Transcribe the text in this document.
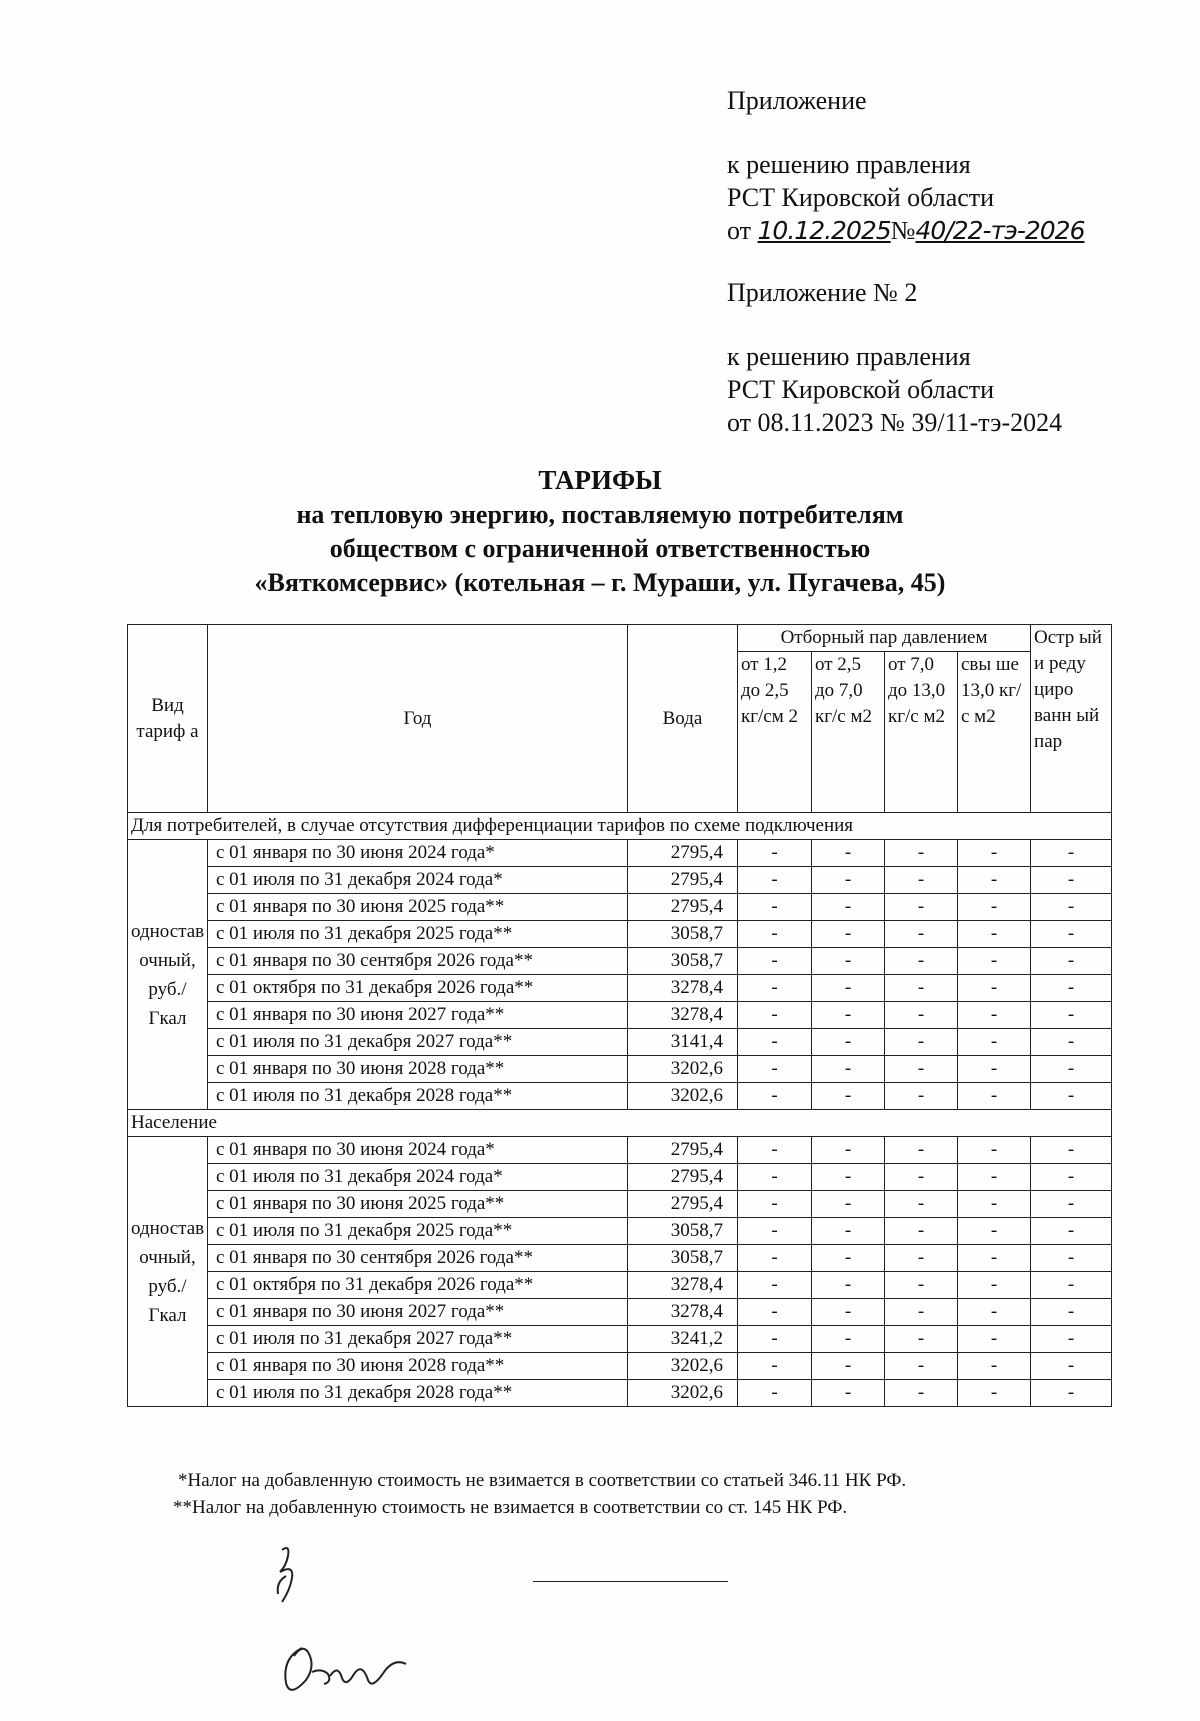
Приложение
к решению правления
РСТ Кировской области
от 10.12.2025№40/22-тэ-2026
Приложение № 2
к решению правления
РСТ Кировской области
от 08.11.2023 № 39/11-тэ-2024
ТАРИФЫ
на тепловую энергию, поставляемую потребителям
обществом с ограниченной ответственностью
«Вяткомсервис» (котельная – г. Мураши, ул. Пугачева, 45)
Вид тариф а	Год	Вода	Отборный пар давлением				Остр ый и реду циро ванн ый пар
			от 1,2 до 2,5 кг/см 2	от 2,5 до 7,0 кг/с м2	от 7,0 до 13,0 кг/с м2	свы ше 13,0 кг/с м2	
Для потребителей, в случае отсутствия дифференциации тарифов по схеме подключения							
одностав очный, руб./ Гкал	с 01 января по 30 июня 2024 года*	2795,4	-	-	-	-	-
	с 01 июля по 31 декабря 2024 года*	2795,4	-	-	-	-	-
	с 01 января по 30 июня 2025 года**	2795,4	-	-	-	-	-
	с 01 июля по 31 декабря 2025 года**	3058,7	-	-	-	-	-
	с 01 января по 30 сентября 2026 года**	3058,7	-	-	-	-	-
	с 01 октября по 31 декабря 2026 года**	3278,4	-	-	-	-	-
	с 01 января по 30 июня 2027 года**	3278,4	-	-	-	-	-
	с 01 июля по 31 декабря 2027 года**	3141,4	-	-	-	-	-
	с 01 января по 30 июня 2028 года**	3202,6	-	-	-	-	-
	с 01 июля по 31 декабря 2028 года**	3202,6	-	-	-	-	-
Население							
одностав очный, руб./ Гкал	с 01 января по 30 июня 2024 года*	2795,4	-	-	-	-	-
	с 01 июля по 31 декабря 2024 года*	2795,4	-	-	-	-	-
	с 01 января по 30 июня 2025 года**	2795,4	-	-	-	-	-
	с 01 июля по 31 декабря 2025 года**	3058,7	-	-	-	-	-
	с 01 января по 30 сентября 2026 года**	3058,7	-	-	-	-	-
	с 01 октября по 31 декабря 2026 года**	3278,4	-	-	-	-	-
	с 01 января по 30 июня 2027 года**	3278,4	-	-	-	-	-
	с 01 июля по 31 декабря 2027 года**	3241,2	-	-	-	-	-
	с 01 января по 30 июня 2028 года**	3202,6	-	-	-	-	-
	с 01 июля по 31 декабря 2028 года**	3202,6	-	-	-	-	-
*Налог на добавленную стоимость не взимается в соответствии со статьей 346.11 НК РФ.
**Налог на добавленную стоимость не взимается в соответствии со ст. 145 НК РФ.
